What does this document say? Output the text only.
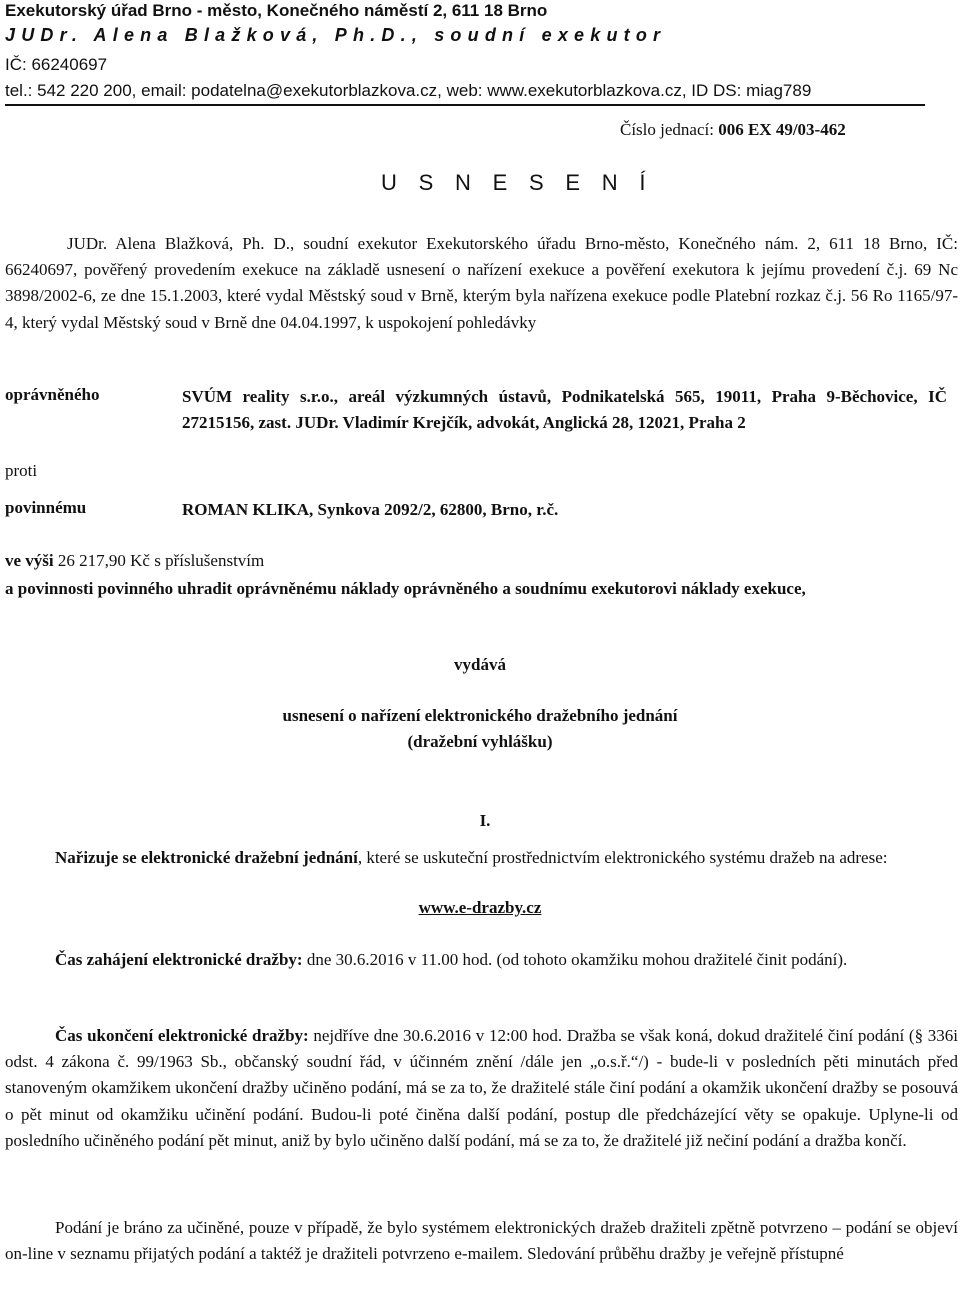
Exekutorský úřad Brno - město, Konečného náměstí 2, 611 18 Brno
JUDr. Alena Blažková, Ph.D., soudní exekutor
IČ: 66240697
tel.: 542 220 200, email: podatelna@exekutorblazkova.cz, web: www.exekutorblazkova.cz, ID DS: miag789
Číslo jednací: 006 EX 49/03-462
U S N E S E N Í
JUDr. Alena Blažková, Ph. D., soudní exekutor Exekutorského úřadu Brno-město, Konečného nám. 2, 611 18 Brno, IČ: 66240697, pověřený provedením exekuce na základě usnesení o nařízení exekuce a pověření exekutora k jejímu provedení č.j. 69 Nc 3898/2002-6, ze dne 15.1.2003, které vydal Městský soud v Brně, kterým byla nařízena exekuce podle Platební rozkaz č.j. 56 Ro 1165/97-4, který vydal Městský soud v Brně dne 04.04.1997, k uspokojení pohledávky
oprávněného	SVÚM reality s.r.o., areál výzkumných ústavů, Podnikatelská 565, 19011, Praha 9-Běchovice, IČ 27215156, zast. JUDr. Vladimír Krejčík, advokát, Anglická 28, 12021, Praha 2
proti
povinnému	ROMAN KLIKA, Synkova 2092/2, 62800, Brno, r.č.
ve výši 26 217,90 Kč s příslušenstvím
a povinnosti povinného uhradit oprávněnému náklady oprávněného a soudnímu exekutorovi náklady exekuce,
vydává
usnesení o nařízení elektronického dražebního jednání
(dražební vyhlášku)
I.
Nařizuje se elektronické dražební jednání, které se uskuteční prostřednictvím elektronického systému dražeb na adrese:
www.e-drazby.cz
Čas zahájení elektronické dražby: dne 30.6.2016 v 11.00 hod. (od tohoto okamžiku mohou dražitelé činit podání).
Čas ukončení elektronické dražby: nejdříve dne 30.6.2016 v 12:00 hod. Dražba se však koná, dokud dražitelé činí podání (§ 336i odst. 4 zákona č. 99/1963 Sb., občanský soudní řád, v účinném znění /dále jen „o.s.ř.“/) - bude-li v posledních pěti minutách před stanoveným okamžikem ukončení dražby učiněno podání, má se za to, že dražitelé stále činí podání a okamžik ukončení dražby se posouvá o pět minut od okamžiku učinění podání. Budou-li poté činěna další podání, postup dle předcházející věty se opakuje. Uplyne-li od posledního učiněného podání pět minut, aniž by bylo učiněno další podání, má se za to, že dražitelé již nečiní podání a dražba končí.
Podání je bráno za učiněné, pouze v případě, že bylo systémem elektronických dražeb dražiteli zpětně potvrzeno – podání se objeví on-line v seznamu přijatých podání a taktéž je dražiteli potvrzeno e-mailem. Sledování průběhu dražby je veřejně přístupné
